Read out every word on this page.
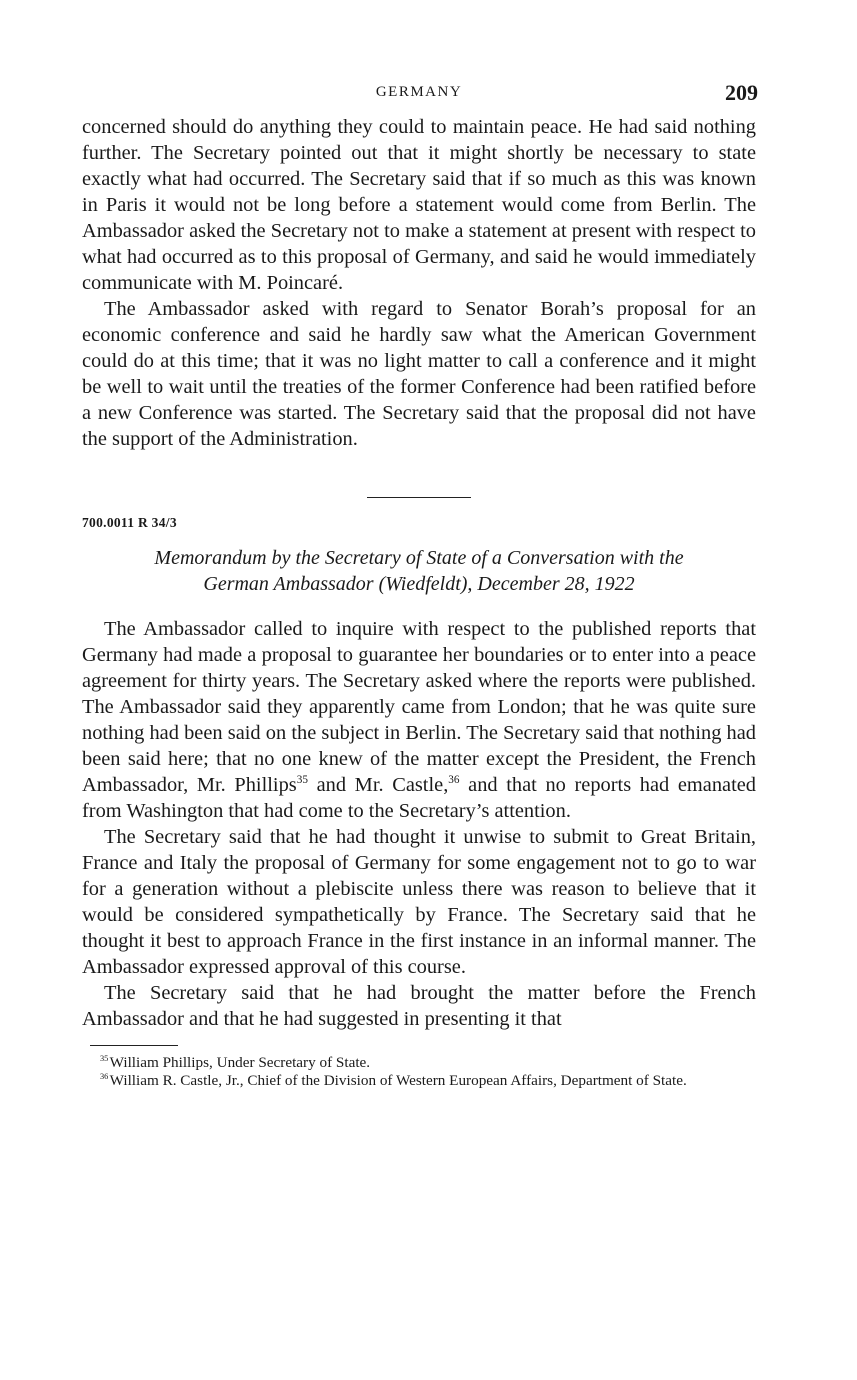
GERMANY	209

concerned should do anything they could to maintain peace. He had said nothing further. The Secretary pointed out that it might shortly be necessary to state exactly what had occurred. The Secretary said that if so much as this was known in Paris it would not be long before a statement would come from Berlin. The Ambassador asked the Secretary not to make a statement at present with respect to what had occurred as to this proposal of Germany, and said he would immediately communicate with M. Poincaré.

The Ambassador asked with regard to Senator Borah’s proposal for an economic conference and said he hardly saw what the American Government could do at this time; that it was no light matter to call a conference and it might be well to wait until the treaties of the former Conference had been ratified before a new Conference was started. The Secretary said that the proposal did not have the support of the Administration.

700.0011 R 34/3
Memorandum by the Secretary of State of a Conversation with the
German Ambassador (Wiedfeldt), December 28, 1922

The Ambassador called to inquire with respect to the published reports that Germany had made a proposal to guarantee her boundaries or to enter into a peace agreement for thirty years. The Secretary asked where the reports were published. The Ambassador said they apparently came from London; that he was quite sure nothing had been said on the subject in Berlin. The Secretary said that nothing had been said here; that no one knew of the matter except the President, the French Ambassador, Mr. Phillips$^{35}$ and Mr. Castle,$^{36}$ and that no reports had emanated from Washington that had come to the Secretary’s attention.

The Secretary said that he had thought it unwise to submit to Great Britain, France and Italy the proposal of Germany for some engagement not to go to war for a generation without a plebiscite unless there was reason to believe that it would be considered sympathetically by France. The Secretary said that he thought it best to approach France in the first instance in an informal manner. The Ambassador expressed approval of this course.

The Secretary said that he had brought the matter before the French Ambassador and that he had suggested in presenting it that

$^{35}$ William Phillips, Under Secretary of State.
$^{36}$ William R. Castle, Jr., Chief of the Division of Western European Affairs, Department of State.
